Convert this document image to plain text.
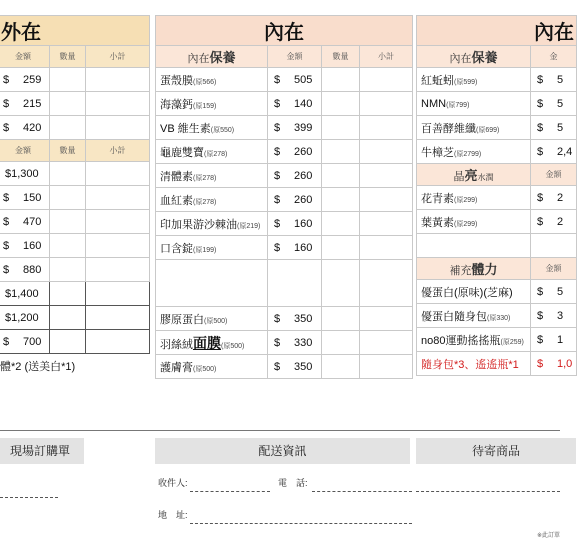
外在		
金額	數量	小計
$ 259		
$ 215		
$ 420		
金額	數量	小計
$1,300		
$ 150		
$ 470		
$ 160		
$ 880		
$1,400		
$1,200		
$ 700		
體*2 (送美白*1)
內在			
內在保養	金額	數量	小計
蛋殼膜(原566)	$ 505		
海藻鈣(原159)	$ 140		
VB 維生素(原550)	$ 399		
龜鹿雙寶(原278)	$ 260		
清體素(原278)	$ 260		
血紅素(原278)	$ 260		
印加果游沙棘油(原219)	$ 160		
口含錠(原199)	$ 160		

膠原蛋白(原500)	$ 350		
羽絲絨面膜(原500)	$ 330		
護膚膏(原500)	$ 350		
內在	
內在保養	金
紅蚯蚓(原599)	$ 5
NMN(原799)	$ 5
百善酵維纖(原699)	$ 5
牛樟芝(原2799)	$ 2,4
晶亮水潤	金額
花青素(原299)	$ 2
葉黃素(原299)	$ 2

補充體力	金額
優蛋白(原味)(芝麻)	$ 5
優蛋白隨身包(原330)	$ 3
no80運動搖搖瓶(原259)	$ 1
隨身包*3、遙遙瓶*1	$ 1,0
現場訂購單	配送資訊	待寄商品
收件人:	電　話:
地　址:
※此訂單
